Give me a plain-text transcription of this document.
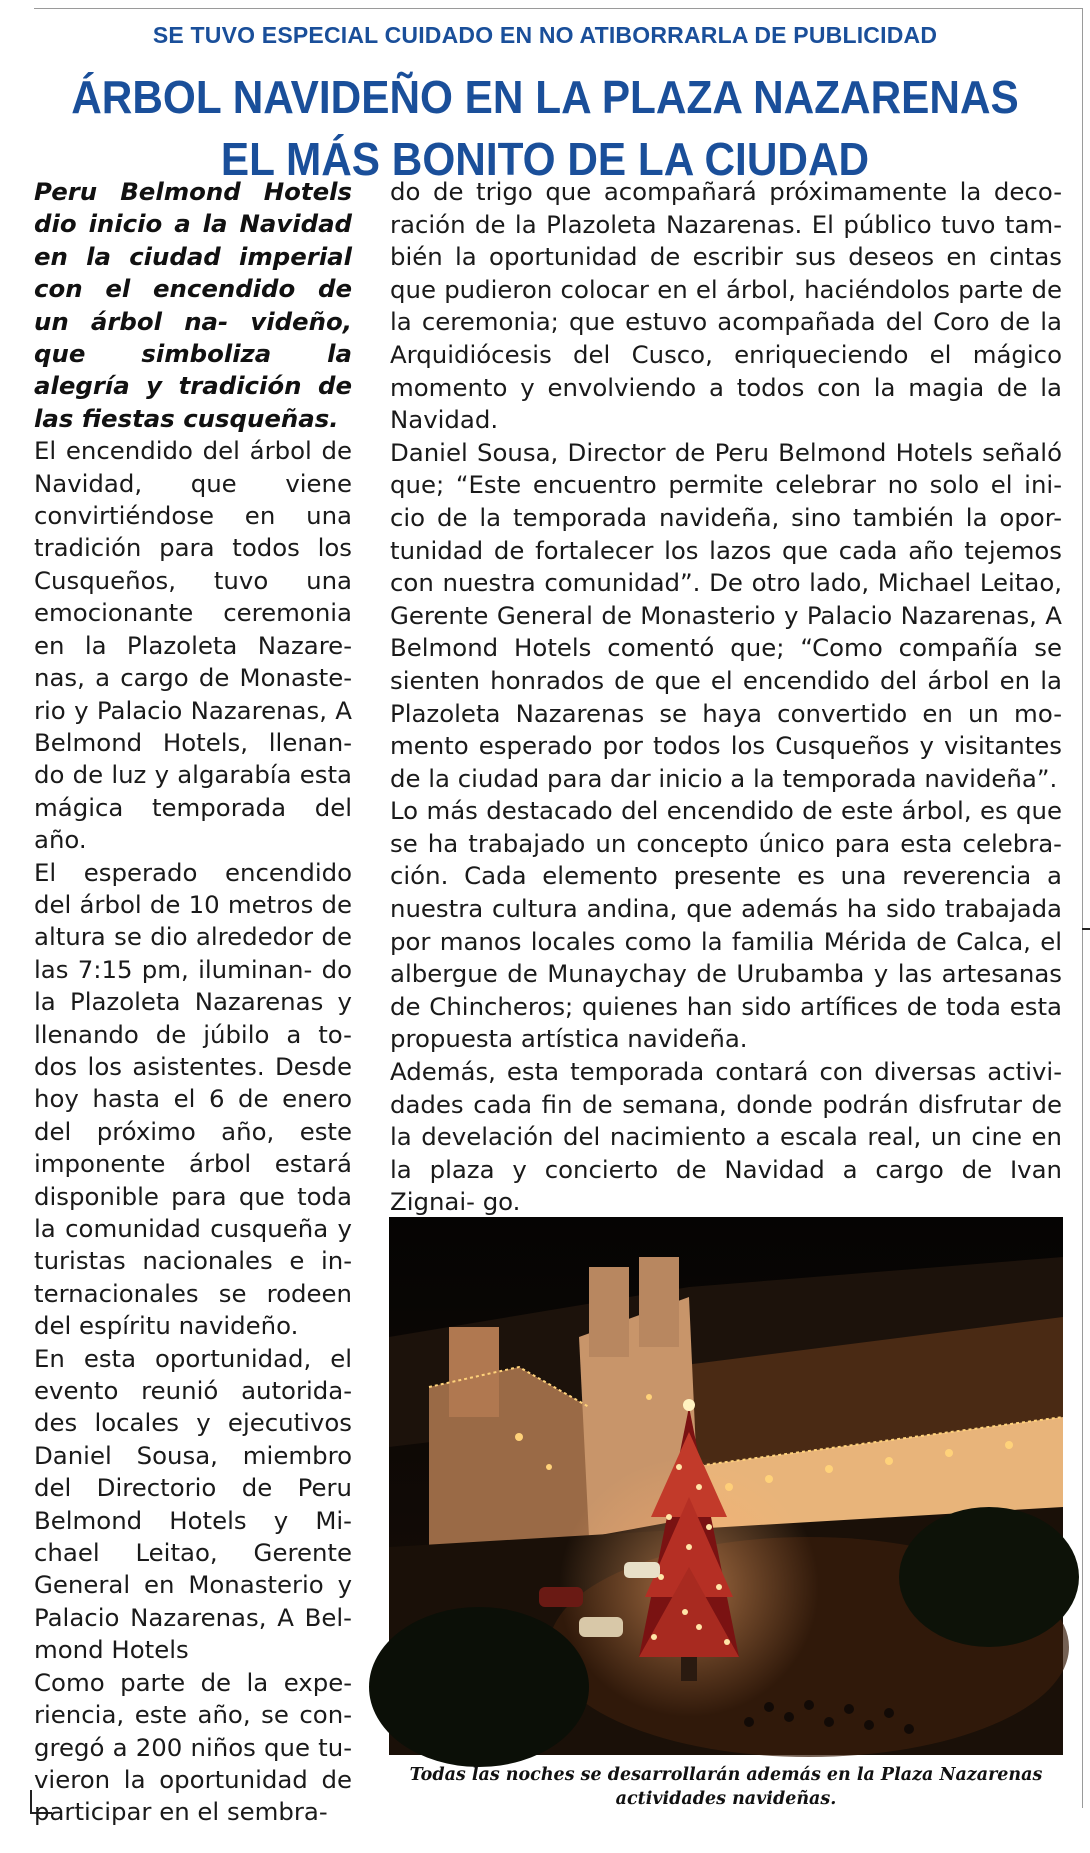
SE TUVO ESPECIAL CUIDADO EN NO ATIBORRARLA DE PUBLICIDAD
ÁRBOL NAVIDEÑO EN LA PLAZA NAZARENAS
EL MÁS BONITO DE LA CIUDAD

Peru Belmond Hotels dio inicio a la Navidad en la ciudad imperial con el encendido de un árbol na- videño, que simboliza la alegría y tradición de las fiestas cusqueñas.

El encendido del árbol de Navidad, que viene convirtiéndose en una tradición para todos los Cusqueños, tuvo una emocionante ceremonia en la Plazoleta Nazare- nas, a cargo de Monaste- rio y Palacio Nazarenas, A Belmond Hotels, llenan- do de luz y algarabía esta mágica temporada del año.

El esperado encendido del árbol de 10 metros de altura se dio alrededor de las 7:15 pm, iluminan- do la Plazoleta Nazarenas y llenando de júbilo a to- dos los asistentes. Desde hoy hasta el 6 de enero del próximo año, este imponente árbol estará disponible para que toda la comunidad cusqueña y turistas nacionales e in- ternacionales se rodeen del espíritu navideño.

En esta oportunidad, el evento reunió autorida- des locales y ejecutivos Daniel Sousa, miembro del Directorio de Peru Belmond Hotels y Mi- chael Leitao, Gerente General en Monasterio y Palacio Nazarenas, A Bel- mond Hotels

Como parte de la expe- riencia, este año, se con- gregó a 200 niños que tu- vieron la oportunidad de participar en el sembra-

do de trigo que acompañará próximamente la deco- ración de la Plazoleta Nazarenas. El público tuvo tam- bién la oportunidad de escribir sus deseos en cintas que pudieron colocar en el árbol, haciéndolos parte de la ceremonia; que estuvo acompañada del Coro de la Arquidiócesis del Cusco, enriqueciendo el mágico momento y envolviendo a todos con la magia de la Navidad.

Daniel Sousa, Director de Peru Belmond Hotels señaló que; “Este encuentro permite celebrar no solo el ini- cio de la temporada navideña, sino también la opor- tunidad de fortalecer los lazos que cada año tejemos con nuestra comunidad”. De otro lado, Michael Leitao, Gerente General de Monasterio y Palacio Nazarenas, A Belmond Hotels comentó que; “Como compañía se sienten honrados de que el encendido del árbol en la Plazoleta Nazarenas se haya convertido en un mo- mento esperado por todos los Cusqueños y visitantes de la ciudad para dar inicio a la temporada navideña”.

Lo más destacado del encendido de este árbol, es que se ha trabajado un concepto único para esta celebra- ción. Cada elemento presente es una reverencia a nuestra cultura andina, que además ha sido trabajada por manos locales como la familia Mérida de Calca, el albergue de Munaychay de Urubamba y las artesanas de Chincheros; quienes han sido artífices de toda esta propuesta artística navideña.

Además, esta temporada contará con diversas activi- dades cada fin de semana, donde podrán disfrutar de la develación del nacimiento a escala real, un cine en la plaza y concierto de Navidad a cargo de Ivan Zignai- go.

Todas las noches se desarrollarán además en la Plaza Nazarenas actividades navideñas.
